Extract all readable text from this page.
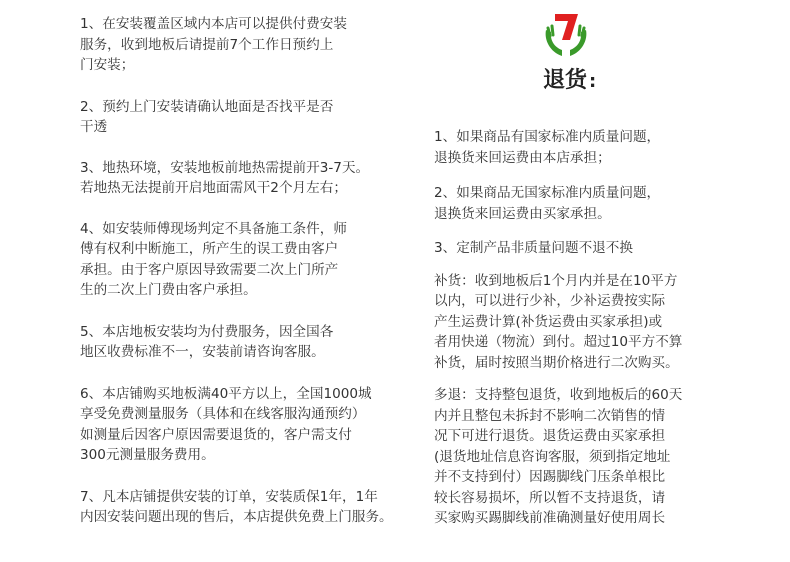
1、在安装覆盖区域内本店可以提供付费安装
服务，收到地板后请提前7个工作日预约上
门安装；
2、预约上门安装请确认地面是否找平是否
干透
3、地热环境，安装地板前地热需提前开3-7天。
若地热无法提前开启地面需风干2个月左右；
4、如安装师傅现场判定不具备施工条件，师
傅有权利中断施工，所产生的误工费由客户
承担。由于客户原因导致需要二次上门所产
生的二次上门费由客户承担。
5、本店地板安装均为付费服务，因全国各
地区收费标准不一，安装前请咨询客服。
6、本店铺购买地板满40平方以上，全国1000城
享受免费测量服务（具体和在线客服沟通预约）
如测量后因客户原因需要退货的，客户需支付
300元测量服务费用。
7、凡本店铺提供安装的订单，安装质保1年，1年
内因安装问题出现的售后，本店提供免费上门服务。
退货 :
1、如果商品有国家标准内质量问题，
退换货来回运费由本店承担；
2、如果商品无国家标准内质量问题，
退换货来回运费由买家承担。
3、定制产品非质量问题不退不换
补货：收到地板后1个月内并是在10平方
以内，可以进行少补，少补运费按实际
产生运费计算(补货运费由买家承担)或
者用快递（物流）到付。超过10平方不算
补货，届时按照当期价格进行二次购买。
多退：支持整包退货，收到地板后的60天
内并且整包未拆封不影响二次销售的情
况下可进行退货。退货运费由买家承担
(退货地址信息咨询客服，须到指定地址
并不支持到付）因踢脚线门压条单根比
较长容易损坏，所以暂不支持退货，请
买家购买踢脚线前准确测量好使用周长
